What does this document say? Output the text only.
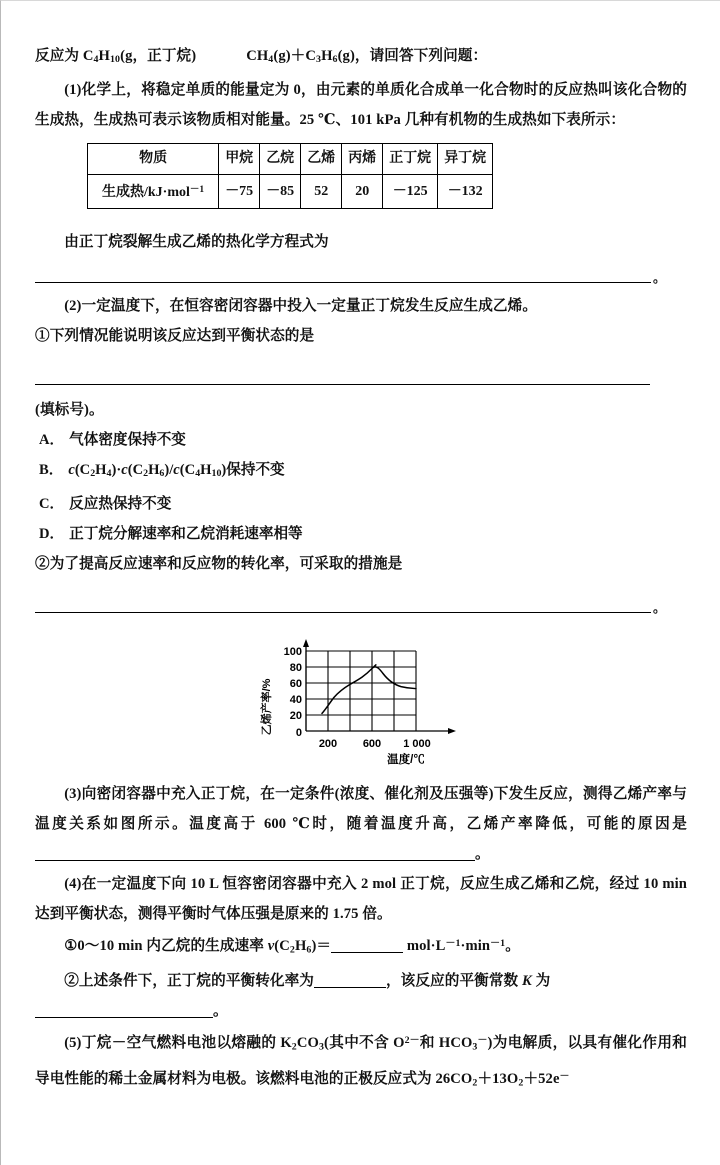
反应为 $C_4H_{10}(g$，正丁烷)	$CH_4(g)+C_3H_6(g)$，请回答下列问题：

(1)化学上，将稳定单质的能量定为 0，由元素的单质化合成单一化合物时的反应热叫该化合物的生成热，生成热可表示该物质相对能量。25 ℃、101 kPa 几种有机物的生成热如下表所示：

物质	甲烷	乙烷	乙烯	丙烯	正丁烷	异丁烷
生成热/kJ·mol$^{-1}$	－75	－85	52	20	－125	－132

由正丁烷裂解生成乙烯的热化学方程式为

。

(2)一定温度下，在恒容密闭容器中投入一定量正丁烷发生反应生成乙烯。

①下列情况能说明该反应达到平衡状态的是

(填标号)。

A． 气体密度保持不变

B． $c(C_2H_4)\cdot c(C_2H_6)/c(C_4H_{10})$保持不变

C． 反应热保持不变

D． 正丁烷分解速率和乙烷消耗速率相等

②为了提高反应速率和反应物的转化率，可采取的措施是

。
乙烯产率/%
100
80
60
40
20
0
200 600 1 000
温度/℃

(3)向密闭容器中充入正丁烷，在一定条件(浓度、催化剂及压强等)下发生反应，测得乙烯产率与温度关系如图所示。温度高于 600 ℃时，随着温度升高，乙烯产率降低，可能的原因是。

(4)在一定温度下向 10 L 恒容密闭容器中充入 2 mol 正丁烷，反应生成乙烯和乙烷，经过 10 min 达到平衡状态，测得平衡时气体压强是原来的 1.75 倍。

①0～10 min 内乙烷的生成速率 $v(C_2H_6)=$	$mol\cdot L^{-1}\cdot\min^{-1}$。

②上述条件下，正丁烷的平衡转化率为	，该反应的平衡常数 K 为

。

(5)丁烷－空气燃料电池以熔融的 $K_2CO_3$(其中不含 $O^{2-}$和 $HCO_3^-$)为电解质，以具有催化作用和导电性能的稀土金属材料为电极。该燃料电池的正极反应式为 $26CO_2+13O_2+52e^-$
